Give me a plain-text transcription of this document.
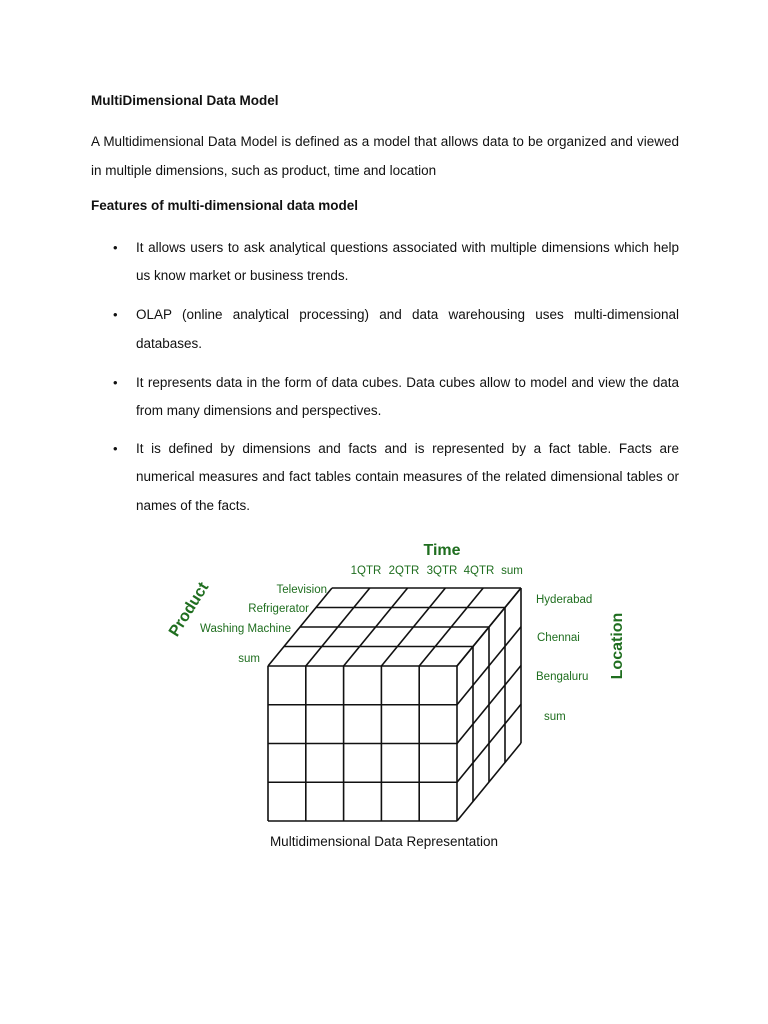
MultiDimensional Data Model

A Multidimensional Data Model is defined as a model that allows data to be organized and viewed in multiple dimensions, such as product, time and location

Features of multi-dimensional data model
• It allows users to ask analytical questions associated with multiple dimensions which help us know market or business trends.
• OLAP (online analytical processing) and data warehousing uses multi-dimensional databases.
• It represents data in the form of data cubes. Data cubes allow to model and view the data from many dimensions and perspectives.
• It is defined by dimensions and facts and is represented by a fact table. Facts are numerical measures and fact tables contain measures of the related dimensional tables or names of the facts.
Time
1QTR 2QTR 3QTR 4QTR sum
Product	Television
Refrigerator
Washing Machine
sum	Location
Hyderabad
Chennai
Bengaluru
sum

Multidimensional Data Representation
